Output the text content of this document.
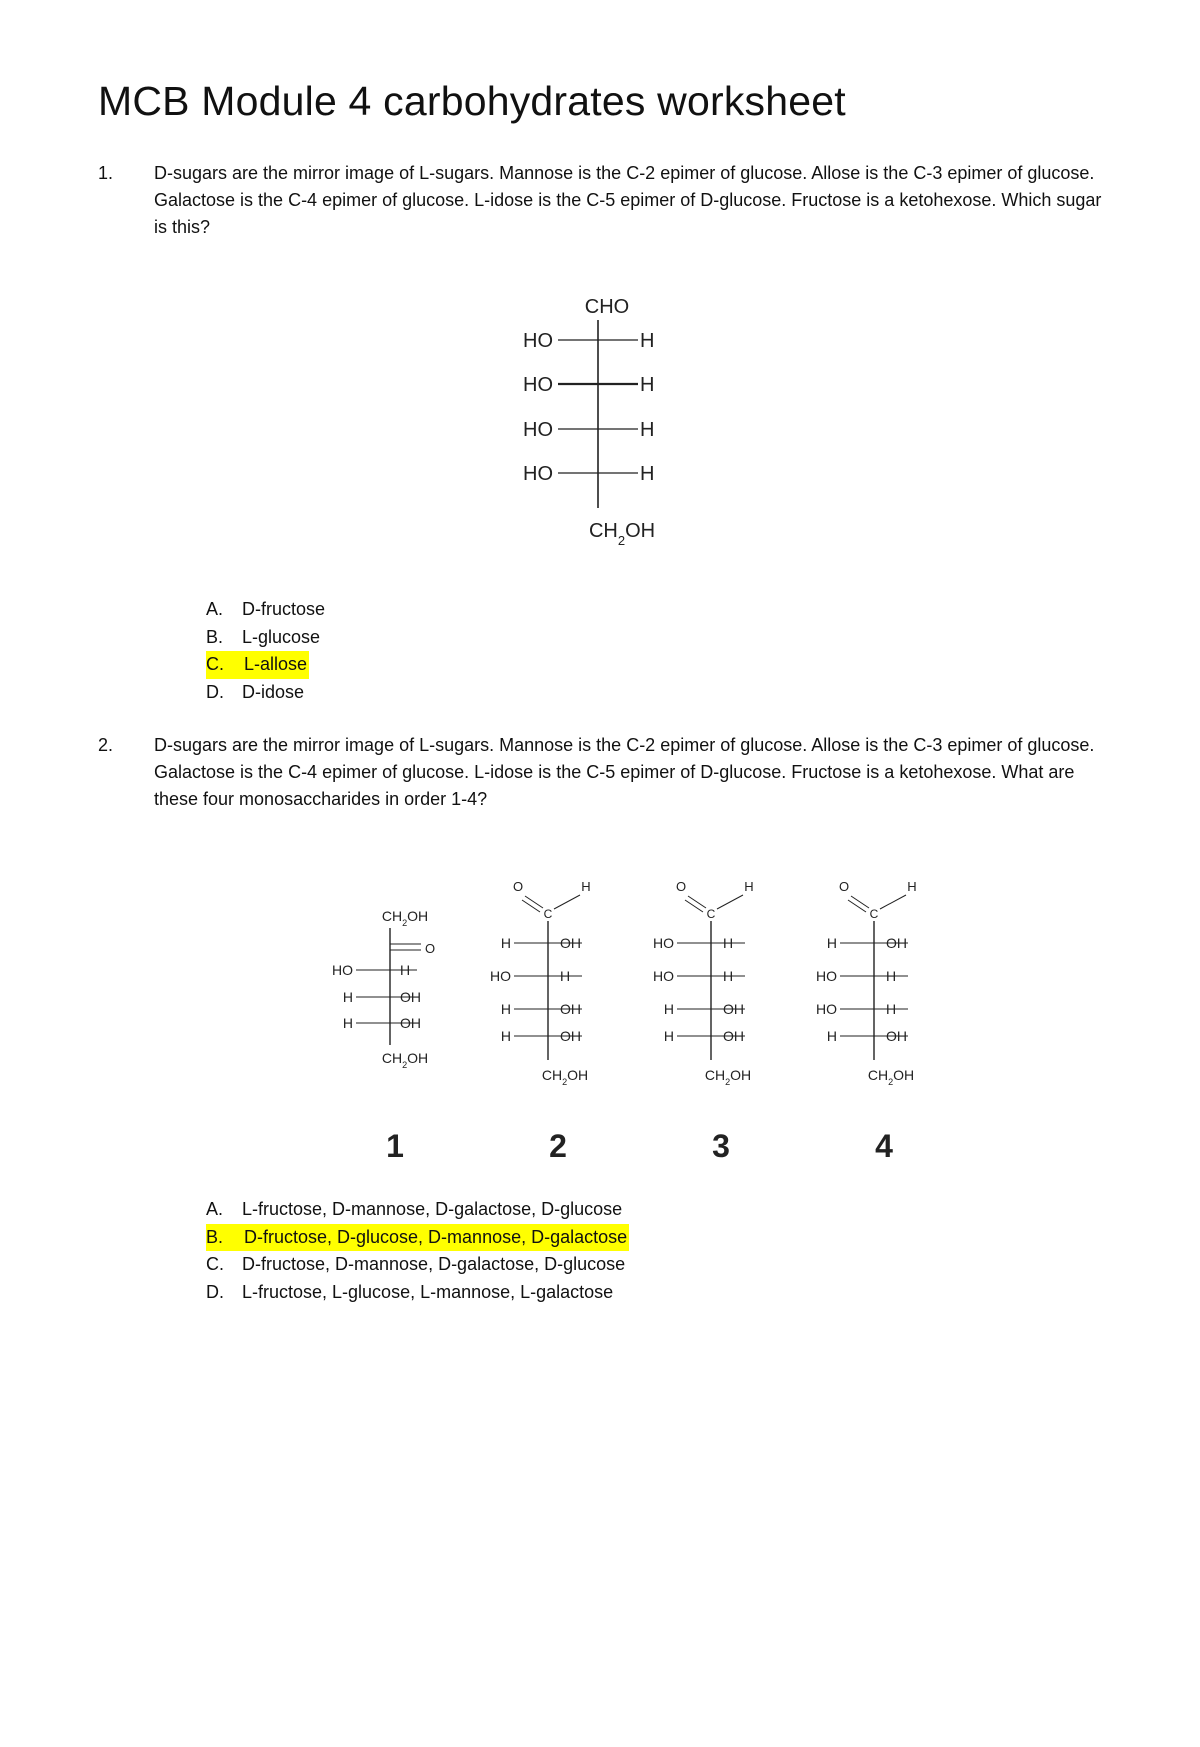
MCB Module 4 carbohydrates worksheet
1. D-sugars are the mirror image of L-sugars. Mannose is the C-2 epimer of glucose. Allose is the C-3 epimer of glucose. Galactose is the C-4 epimer of glucose. L-idose is the C-5 epimer of D-glucose. Fructose is a ketohexose. Which sugar is this?
CHO
HO	H
HO	H
HO	H
HO	H
$CH_2OH$
$CH_2OH$
O
HO	H
H	OH
H	OH
$CH_2OH$
1
O	H
C
H	OH
HO	H
H	OH
H	OH
$CH_2OH$
2
O	H
C
HO	H
HO	H
H	OH
H	OH
$CH_2OH$
3
O	H
C
H	OH
HO	H
HO	H
H	OH
$CH_2OH$
4
A.	D-fructose
B.	L-glucose
C.	L-allose
D.	D-idose
2. D-sugars are the mirror image of L-sugars. Mannose is the C-2 epimer of glucose. Allose is the C-3 epimer of glucose. Galactose is the C-4 epimer of glucose. L-idose is the C-5 epimer of D-glucose. Fructose is a ketohexose. What are these four monosaccharides in order 1-4?
A.	L-fructose, D-mannose, D-galactose, D-glucose
B.	D-fructose, D-glucose, D-mannose, D-galactose
C.	D-fructose, D-mannose, D-galactose, D-glucose
D.	L-fructose, L-glucose, L-mannose, L-galactose
